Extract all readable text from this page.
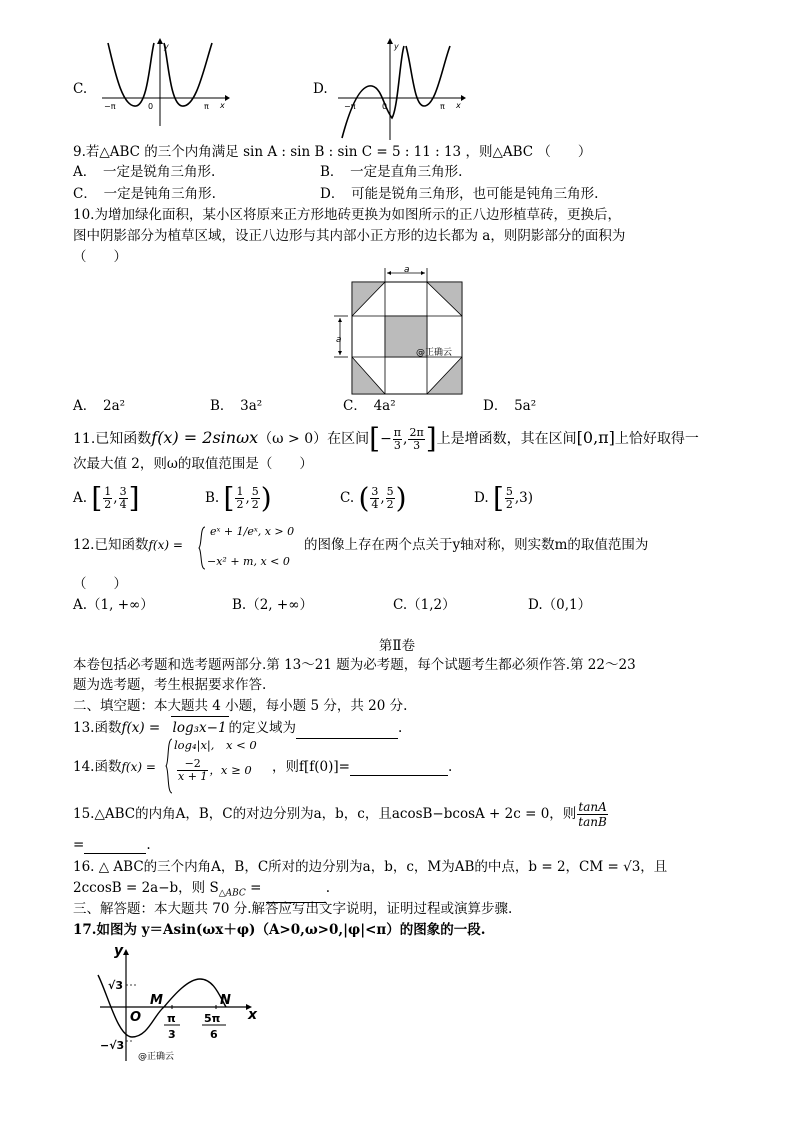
C.
−π	0	π x
y
D.
−π	0	π x
y
9.若△ABC 的三个内角满足 sin A : sin B : sin C = 5 : 11 : 13 ，则△ABC （　　）
A．　一定是锐角三角形.	B．　一定是直角三角形.
C．　一定是钝角三角形.	D．　可能是锐角三角形，也可能是钝角三角形.
10.为增加绿化面积，某小区将原来正方形地砖更换为如图所示的正八边形植草砖，更换后，
图中阴影部分为植草区域，设正八边形与其内部小正方形的边长都为 a，则阴影部分的面积为
（　　）
a
a
@正确云
A．　2a²	B．　3a²	C．　4a²	D．　5a²
11.已知函数f(x) = 2sinωx（ω > 0）在区间[− $\frac{\pi}{3}$ , $\frac{2\pi}{3}$ ]上是增函数，其在区间[0,π]上恰好取得一
次最大值 2，则ω的取值范围是（　　）
A. [ $\frac{1}{2}$ , $\frac{3}{4}$ ]	B. [ $\frac{1}{2}$ , $\frac{5}{2}$ )	C. ( $\frac{3}{4}$ , $\frac{5}{2}$ )	D. [ $\frac{5}{2} ,3$)
12.已知函数f(x) =
eˣ + 1/eˣ, x > 0
−x² + m, x < 0
的图像上存在两个点关于y轴对称，则实数m的取值范围为
（　　）
A.（1, +∞）	B.（2, +∞）	C.（1,2）	D.（0,1）
第Ⅱ卷
本卷包括必考题和选考题两部分.第 13～21 题为必考题，每个试题考生都必须作答.第 22～23
题为选考题，考生根据要求作答.
二、填空题：本大题共 4 小题，每小题 5 分，共 20 分.
13.函数f(x) = log₃x−1 的定义域为	.
14.函数f(x) =
log₄|x|,　x < 0
$\frac{-2}{x + 1}$ ，x ≥ 0 ，则f[f(0)]=	.
15.△ABC的内角A，B，C的对边分别为a，b，c，且acosB−bcosA + 2c = 0，则 $\frac{\tan A}{\tan B}$
=	.
16. △ ABC的三个内角A，B，C所对的边分别为a，b，c，M为AB的中点，b = 2，CM = √3，且
2ccosB = 2a−b，则 $S_{\triangle ABC}$ =	.
三、解答题：本大题共 70 分.解答应写出文字说明，证明过程或演算步骤.
17.如图为 y＝Asin(ωx＋φ)（A>0,ω>0,|φ|<π）的图象的一段.
y
√3
−√3
O
M	N
x
π
3
5π
6
@正确云
